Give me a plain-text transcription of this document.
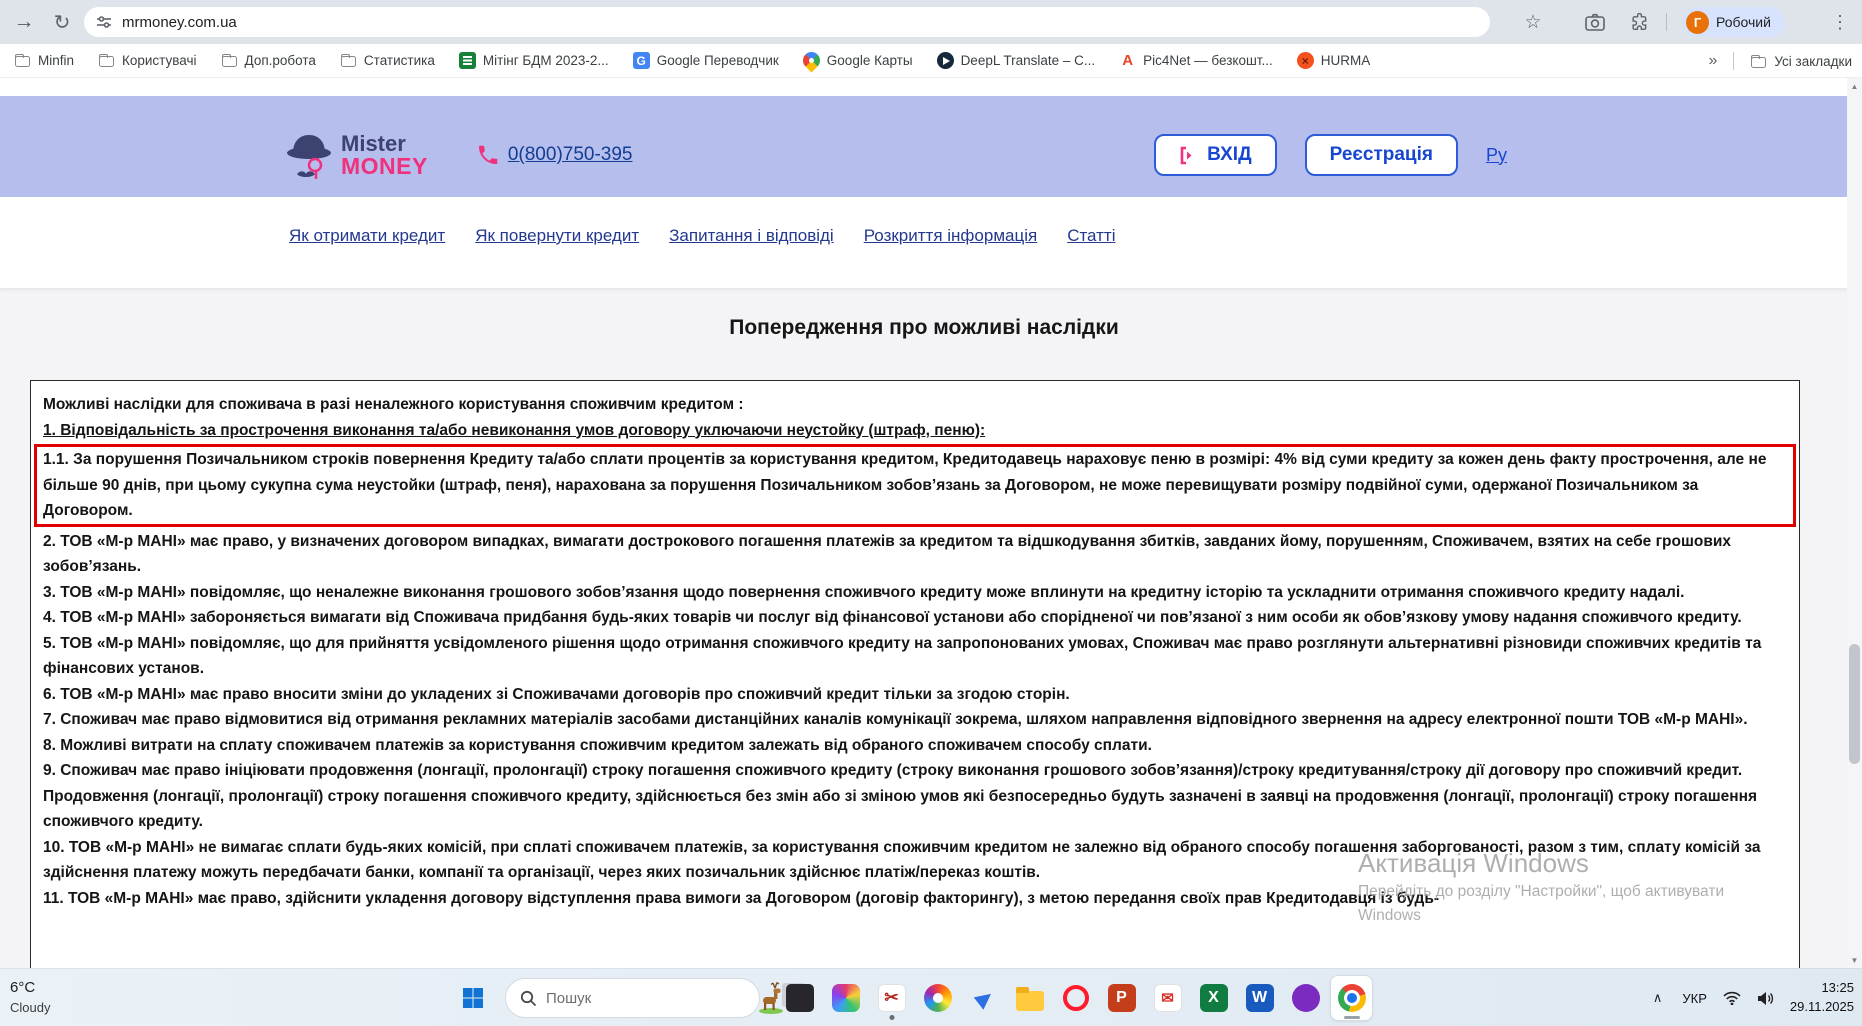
→ ↻	mrmoney.com.ua	☆	Г	Робочий	⋮
Minfin	Користувачі	Доп.робота	Статистика	Мітінг БДМ 2023-2...	G Google Переводчик	Google Карты	DeepL Translate – C... A Pic4Net — безкошт...	× HURMA	»	Усі закладки
Mister
MONEY	0(800)750-395	ВХІД	Реєстрація	Ру
Як отримати кредит Як повернути кредит Запитання і відповіді Розкриття інформація Статті
Попередження про можливі наслідки
Можливі наслідки для споживача в разі неналежного користування споживчим кредитом :
1. Відповідальність за прострочення виконання та/або невиконання умов договору уключаючи неустойку (штраф, пеню):
1.1. За порушення Позичальником строків повернення Кредиту та/або сплати процентів за користування кредитом, Кредитодавець нараховує пеню в розмірі: 4% від суми кредиту за кожен день факту прострочення, але не більше 90 днів, при цьому сукупна сума неустойки (штраф, пеня), нарахована за порушення Позичальником зобов’язань за Договором, не може перевищувати розміру подвійної суми, одержаної Позичальником за Договором.
2. ТОВ «М-р МАНІ» має право, у визначених договором випадках, вимагати дострокового погашення платежів за кредитом та відшкодування збитків, завданих йому, порушенням, Споживачем, взятих на себе грошових зобов’язань.
3. ТОВ «М-р МАНІ» повідомляє, що неналежне виконання грошового зобов’язання щодо повернення споживчого кредиту може вплинути на кредитну історію та ускладнити отримання споживчого кредиту надалі.
4. ТОВ «М-р МАНІ» забороняється вимагати від Споживача придбання будь-яких товарів чи послуг від фінансової установи або спорідненої чи пов’язаної з ним особи як обов’язкову умову надання споживчого кредиту.
5. ТОВ «М-р МАНІ» повідомляє, що для прийняття усвідомленого рішення щодо отримання споживчого кредиту на запропонованих умовах, Споживач має право розглянути альтернативні різновиди споживчих кредитів та фінансових установ.
6. ТОВ «М-р МАНІ» має право вносити зміни до укладених зі Споживачами договорів про споживчий кредит тільки за згодою сторін.
7. Споживач має право відмовитися від отримання рекламних матеріалів засобами дистанційних каналів комунікації зокрема, шляхом направлення відповідного звернення на адресу електронної пошти ТОВ «М-р МАНІ».
8. Можливі витрати на сплату споживачем платежів за користування споживчим кредитом залежать від обраного споживачем способу сплати.
9. Споживач має право ініціювати продовження (лонгації, пролонгації) строку погашення споживчого кредиту (строку виконання грошового зобов’язання)/строку кредитування/строку дії договору про споживчий кредит. Продовження (лонгації, пролонгації) строку погашення споживчого кредиту, здійснюється без змін або зі зміною умов які безпосередньо будуть зазначені в заявці на продовження (лонгації, пролонгації) строку погашення споживчого кредиту.
10. ТОВ «М-р МАНІ» не вимагає сплати будь-яких комісій, при сплаті споживачем платежів, за користування споживчим кредитом не залежно від обраного способу погашення заборгованості, разом з тим, сплату комісій за здійснення платежу можуть передбачати банки, компанії та організації, через яких позичальник здійснює платіж/переказ коштів.
11. ТОВ «М-р МАНІ» має право, здійснити укладення договору відступлення права вимоги за Договором (договір факторингу), з метою передання своїх прав Кредитодавця із будь-
Активація Windows
Перейдіть до розділу "Настройки", щоб активувати
Windows
▲
▼
6°C
Cloudy
Пошук
✂	▶	P	✉	X	W	∧	УКР
13:25
29.11.2025
